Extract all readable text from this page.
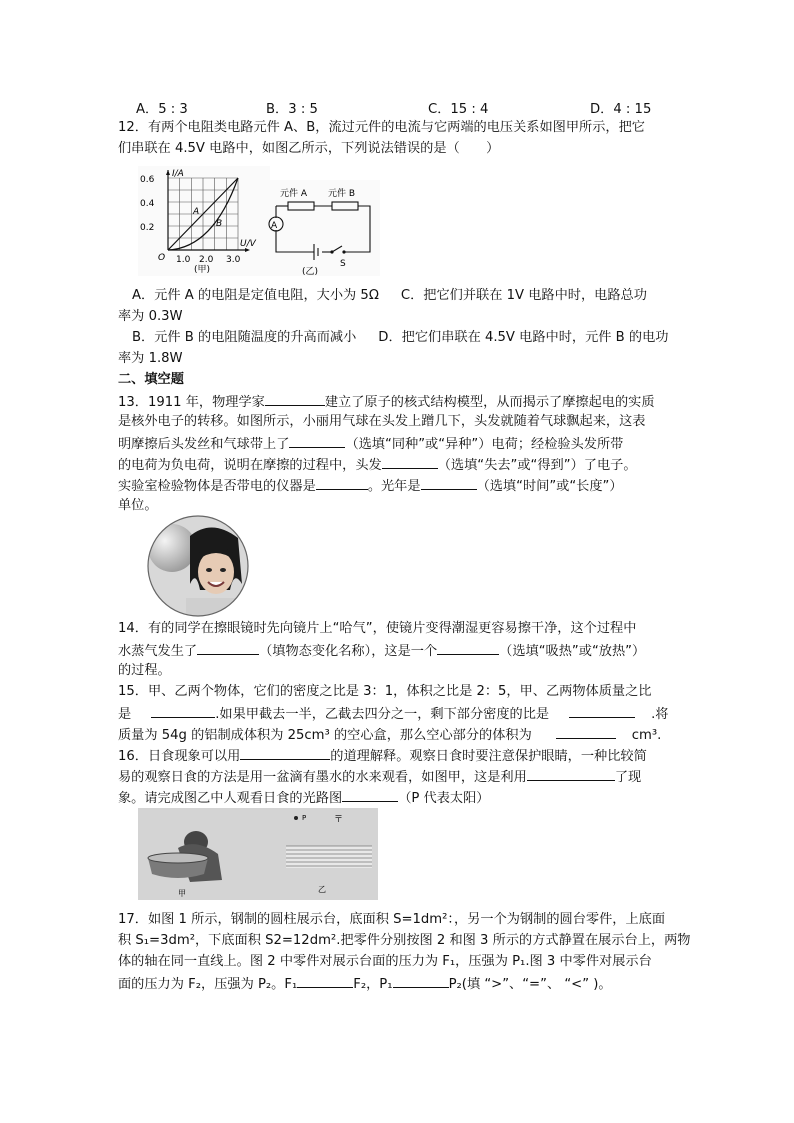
A．5 : 3	B．3 : 5	C．15 : 4	D．4 : 15
12．有两个电阻类电路元件 A、B，流过元件的电流与它两端的电压关系如图甲所示，把它
们串联在 4.5V 电路中，如图乙所示，下列说法错误的是（　　）
I/A
U/V
O
0.6
0.4
0.2
1.0 2.0 3.0
A
B
(甲)
A
元件 A 元件 B
S
(乙)
A．元件 A 的电阻是定值电阻，大小为 5Ω C．把它们并联在 1V 电路中时，电路总功
率为 0.3W
B．元件 B 的电阻随温度的升高而减小 D．把它们串联在 4.5V 电路中时，元件 B 的电功
率为 1.8W
二、填空题
13．1911 年，物理学家	建立了原子的核式结构模型，从而揭示了摩擦起电的实质
是核外电子的转移。如图所示，小丽用气球在头发上蹭几下，头发就随着气球飘起来，这表
明摩擦后头发丝和气球带上了	（选填“同种”或“异种”）电荷；经检验头发所带
的电荷为负电荷，说明在摩擦的过程中，头发	（选填“失去”或“得到”）了电子。
实验室检验物体是否带电的仪器是	。光年是	（选填“时间”或“长度”）
单位。
14．有的同学在擦眼镜时先向镜片上“哈气”，使镜片变得潮湿更容易擦干净，这个过程中
水蒸气发生了	（填物态变化名称），这是一个	（选填“吸热”或“放热”）
的过程。
15．甲、乙两个物体，它们的密度之比是 3：1，体积之比是 2：5，甲、乙两物体质量之比
是	.如果甲截去一半，乙截去四分之一，剩下部分密度的比是	.将
质量为 54g 的铝制成体积为 25cm³ 的空心盒，那么空心部分的体积为	cm³.
16．日食现象可以用	的道理解释。观察日食时要注意保护眼睛，一种比较简
易的观察日食的方法是用一盆滴有墨水的水来观看，如图甲，这是利用	了现
象。请完成图乙中人观看日食的光路图	（P 代表太阳）
甲
P	〒
乙
17．如图 1 所示，钢制的圆柱展示台，底面积 S=1dm²：，另一个为钢制的圆台零件，上底面
积 S₁=3dm²，下底面积 S2=12dm².把零件分别按图 2 和图 3 所示的方式静置在展示台上，两物
体的轴在同一直线上。图 2 中零件对展示台面的压力为 F₁，压强为 P₁.图 3 中零件对展示台
面的压力为 F₂，压强为 P₂。F₁	F₂，P₁	P₂(填 “>”、“=”、 “<” )。
